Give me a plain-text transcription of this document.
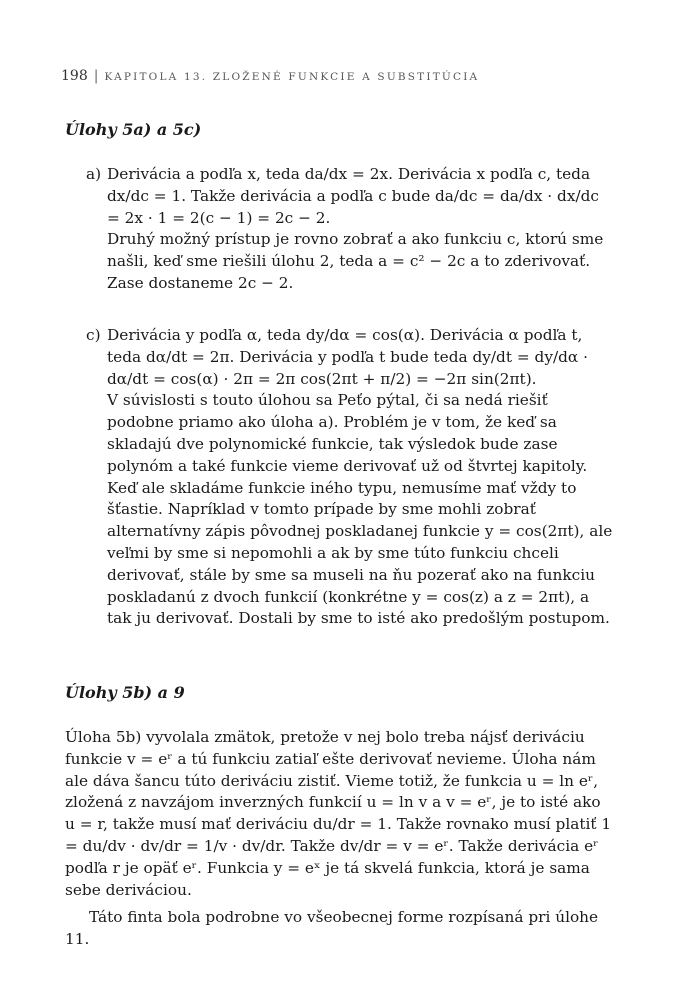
198 | KAPITOLA 13. ZLOŽENÉ FUNKCIE A SUBSTITÚCIA
Úlohy 5a) a 5c)
a) Derivácia a podľa x, teda da/dx = 2x. Derivácia x podľa c, teda dx/dc = 1. Takže derivácia a podľa c bude da/dc = da/dx · dx/dc = 2x · 1 = 2(c − 1) = 2c − 2.

Druhý možný prístup je rovno zobrať a ako funkciu c, ktorú sme našli, keď sme riešili úlohu 2, teda a = c² − 2c a to zderivovať. Zase dostaneme 2c − 2.

c) Derivácia y podľa α, teda dy/dα = cos(α). Derivácia α podľa t, teda dα/dt = 2π. Derivácia y podľa t bude teda dy/dt = dy/dα · dα/dt = cos(α) · 2π = 2π cos(2πt + π/2) = −2π sin(2πt).

V súvislosti s touto úlohou sa Peťo pýtal, či sa nedá riešiť podobne priamo ako úloha a). Problém je v tom, že keď sa skladajú dve polynomické funkcie, tak výsledok bude zase polynóm a také funkcie vieme derivovať už od štvrtej kapitoly. Keď ale skladáme funkcie iného typu, nemusíme mať vždy to šťastie. Napríklad v tomto prípade by sme mohli zobrať alternatívny zápis pôvodnej poskladanej funkcie y = cos(2πt), ale veľmi by sme si nepomohli a ak by sme túto funkciu chceli derivovať, stále by sme sa museli na ňu pozerať ako na funkciu poskladanú z dvoch funkcií (konkrétne y = cos(z) a z = 2πt), a tak ju derivovať. Dostali by sme to isté ako predošlým postupom.

Úlohy 5b) a 9

Úloha 5b) vyvolala zmätok, pretože v nej bolo treba nájsť deriváciu funkcie v = eʳ a tú funkciu zatiaľ ešte derivovať nevieme. Úloha nám ale dáva šancu túto deriváciu zistiť. Vieme totiž, že funkcia u = ln eʳ, zložená z navzájom inverzných funkcií u = ln v a v = eʳ, je to isté ako u = r, takže musí mať deriváciu du/dr = 1. Takže rovnako musí platiť 1 = du/dv · dv/dr = 1/v · dv/dr. Takže dv/dr = v = eʳ. Takže derivácia eʳ podľa r je opäť eʳ. Funkcia y = eˣ je tá skvelá funkcia, ktorá je sama sebe deriváciou.

Táto finta bola podrobne vo všeobecnej forme rozpísaná pri úlohe 11.
